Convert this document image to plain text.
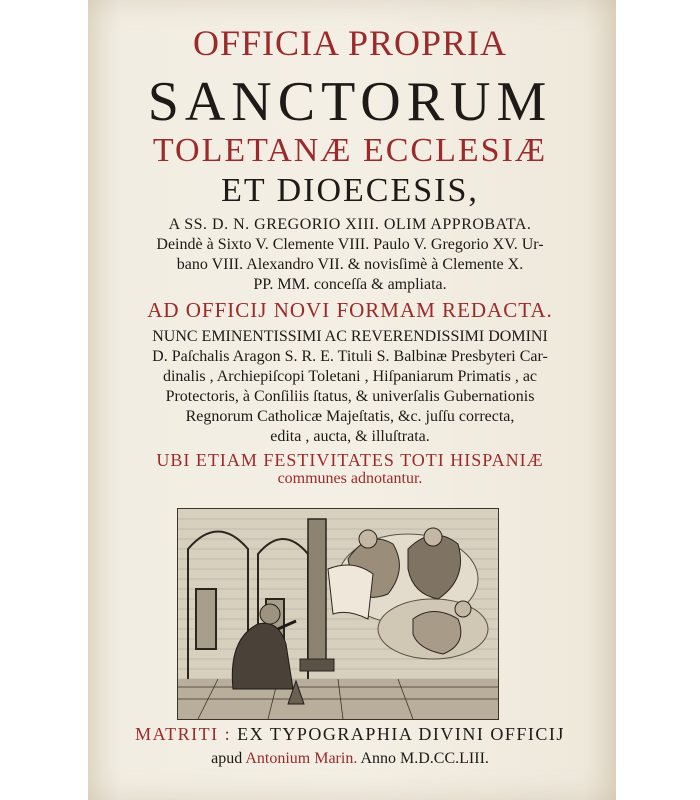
OFFICIA PROPRIA
SANCTORUM
TOLETANÆ ECCLESIÆ
ET DIOECESIS,
A SS. D. N. GREGORIO XIII. OLIM APPROBATA.
Deindè à Sixto V. Clemente VIII. Paulo V. Gregorio XV. Ur-
bano VIII. Alexandro VII. & novisſimè à Clemente X.
PP. MM. conceſſa & ampliata.
AD OFFICIJ NOVI FORMAM REDACTA.
NUNC EMINENTISSIMI AC REVERENDISSIMI DOMINI
D. Paſchalis Aragon S. R. E. Tituli S. Balbinæ Presbyteri Car-
dinalis , Archiepiſcopi Toletani , Hiſpaniarum Primatis , ac
Protectoris, à Conſiliis ſtatus, & univerſalis Gubernationis
Regnorum Catholicæ Majeſtatis, &c. juſſu correcta,
edita , aucta, & illuſtrata.
UBI ETIAM FESTIVITATES TOTI HISPANIÆ
communes adnotantur.
MATRITI : EX TYPOGRAPHIA DIVINI OFFICIJ
apud Antonium Marin. Anno M.D.CC.LIII.
